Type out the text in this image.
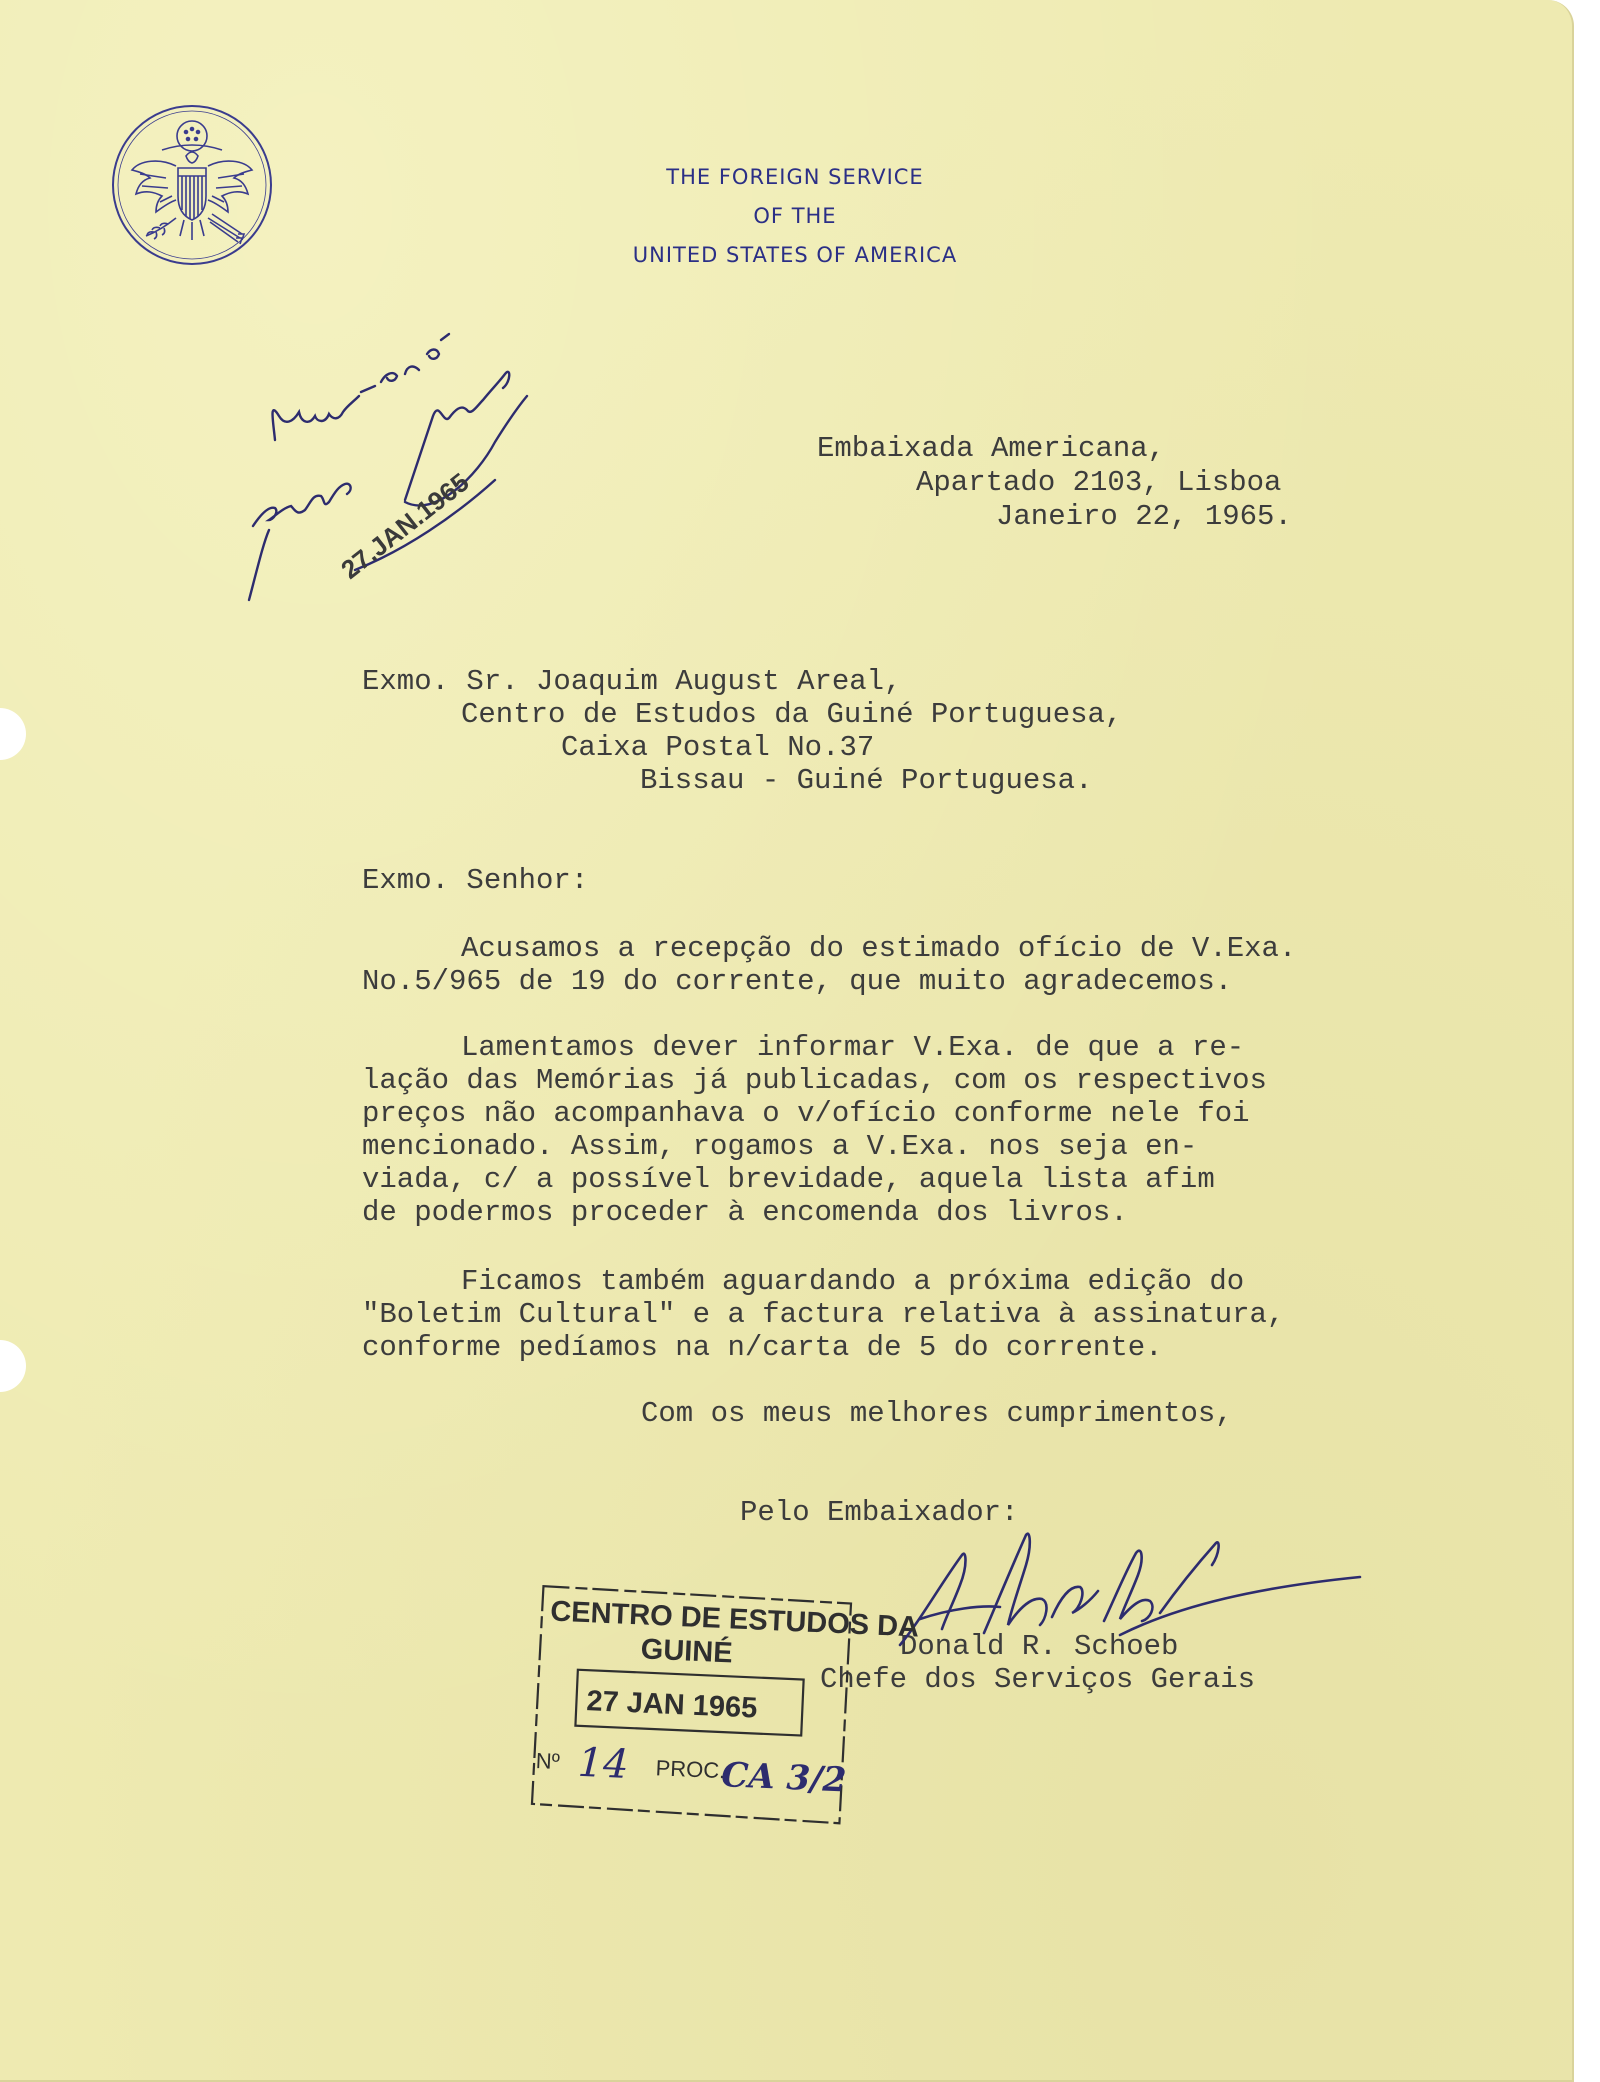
THE FOREIGN SERVICE
OF THE
UNITED STATES OF AMERICA
27.JAN.1965
Embaixada Americana,
Apartado 2103, Lisboa
Janeiro 22, 1965.
Exmo. Sr. Joaquim August Areal,
Centro de Estudos da Guiné Portuguesa,
Caixa Postal No.37
Bissau - Guiné Portuguesa.
Exmo. Senhor:
Acusamos a recepção do estimado ofício de V.Exa.
No.5/965 de 19 do corrente, que muito agradecemos.
Lamentamos dever informar V.Exa. de que a re-
lação das Memórias já publicadas, com os respectivos
preços não acompanhava o v/ofício conforme nele foi
mencionado. Assim, rogamos a V.Exa. nos seja en-
viada, c/ a possível brevidade, aquela lista afim
de podermos proceder à encomenda dos livros.
Ficamos também aguardando a próxima edição do
"Boletim Cultural" e a factura relativa à assinatura,
conforme pedíamos na n/carta de 5 do corrente.
Com os meus melhores cumprimentos,
Pelo Embaixador:
Donald R. Schoeb
Chefe dos Serviços Gerais
CENTRO DE ESTUDOS DA
GUINÉ
27 JAN 1965
Nº	PROC.
14	CA 3/2
